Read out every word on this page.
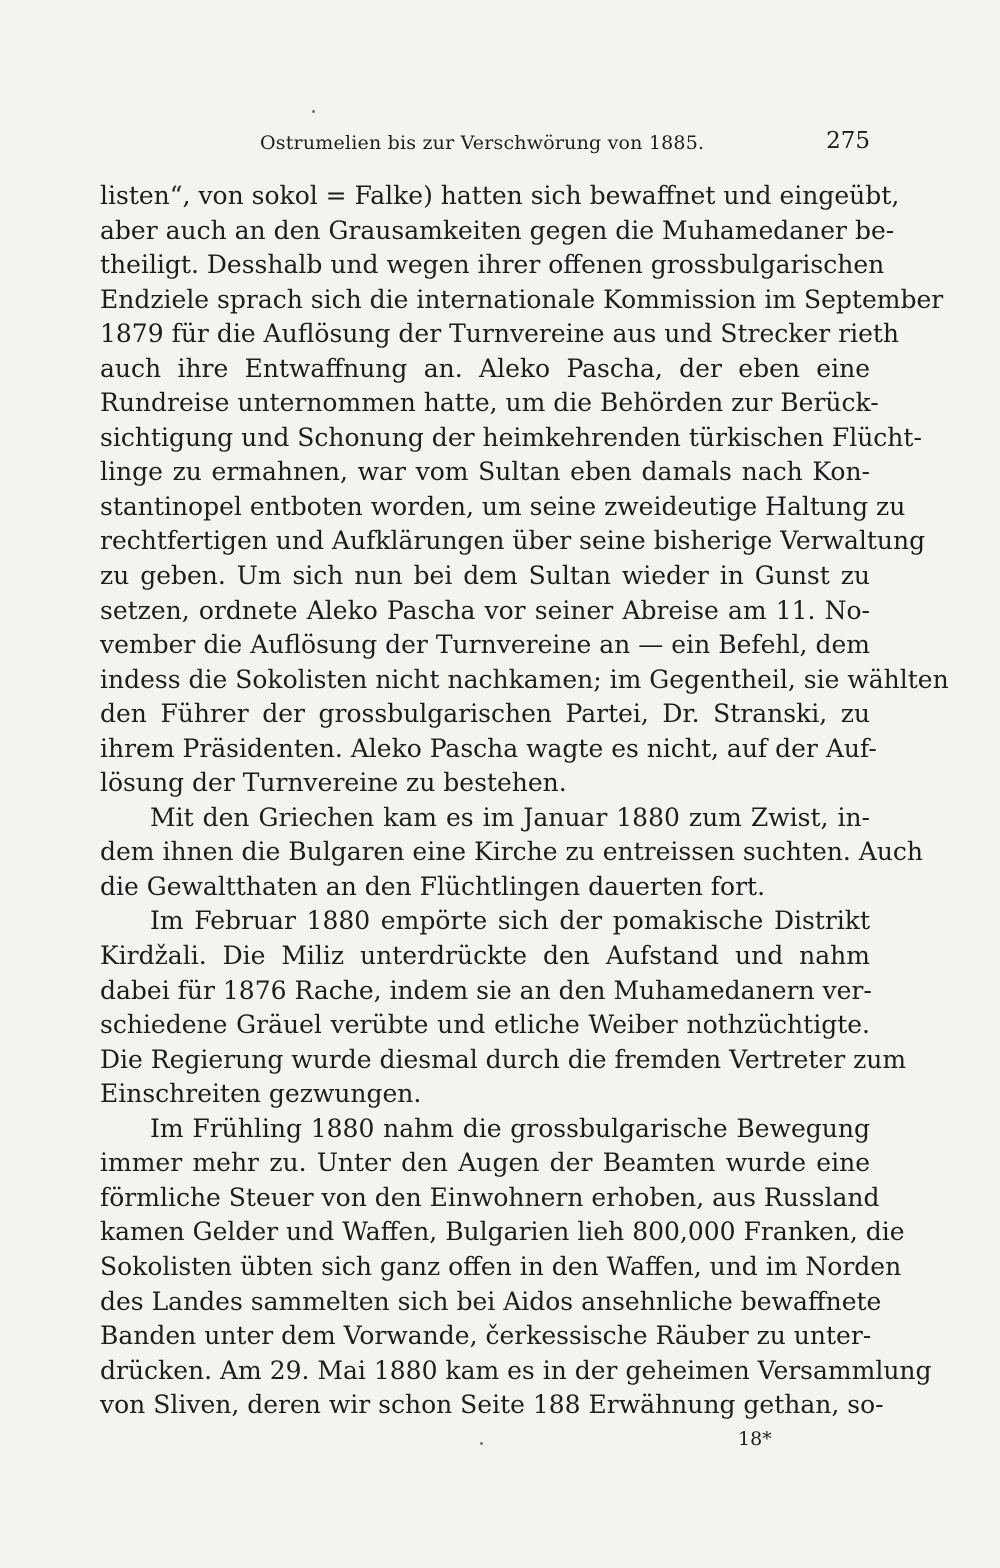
Ostrumelien bis zur Verschwörung von 1885.	275
listen“, von sokol = Falke) hatten sich bewaffnet und eingeübt,
aber auch an den Grausamkeiten gegen die Muhamedaner be-
theiligt. Desshalb und wegen ihrer offenen grossbulgarischen
Endziele sprach sich die internationale Kommission im September
1879 für die Auflösung der Turnvereine aus und Strecker rieth
auch ihre Entwaffnung an. Aleko Pascha, der eben eine
Rundreise unternommen hatte, um die Behörden zur Berück-
sichtigung und Schonung der heimkehrenden türkischen Flücht-
linge zu ermahnen, war vom Sultan eben damals nach Kon-
stantinopel entboten worden, um seine zweideutige Haltung zu
rechtfertigen und Aufklärungen über seine bisherige Verwaltung
zu geben. Um sich nun bei dem Sultan wieder in Gunst zu
setzen, ordnete Aleko Pascha vor seiner Abreise am 11. No-
vember die Auflösung der Turnvereine an — ein Befehl, dem
indess die Sokolisten nicht nachkamen; im Gegentheil, sie wählten
den Führer der grossbulgarischen Partei, Dr. Stranski, zu
ihrem Präsidenten. Aleko Pascha wagte es nicht, auf der Auf-
lösung der Turnvereine zu bestehen.
Mit den Griechen kam es im Januar 1880 zum Zwist, in-
dem ihnen die Bulgaren eine Kirche zu entreissen suchten. Auch
die Gewaltthaten an den Flüchtlingen dauerten fort.
Im Februar 1880 empörte sich der pomakische Distrikt
Kirdžali. Die Miliz unterdrückte den Aufstand und nahm
dabei für 1876 Rache, indem sie an den Muhamedanern ver-
schiedene Gräuel verübte und etliche Weiber nothzüchtigte.
Die Regierung wurde diesmal durch die fremden Vertreter zum
Einschreiten gezwungen.
Im Frühling 1880 nahm die grossbulgarische Bewegung
immer mehr zu. Unter den Augen der Beamten wurde eine
förmliche Steuer von den Einwohnern erhoben, aus Russland
kamen Gelder und Waffen, Bulgarien lieh 800,000 Franken, die
Sokolisten übten sich ganz offen in den Waffen, und im Norden
des Landes sammelten sich bei Aidos ansehnliche bewaffnete
Banden unter dem Vorwande, čerkessische Räuber zu unter-
drücken. Am 29. Mai 1880 kam es in der geheimen Versammlung
von Sliven, deren wir schon Seite 188 Erwähnung gethan, so-
18*
